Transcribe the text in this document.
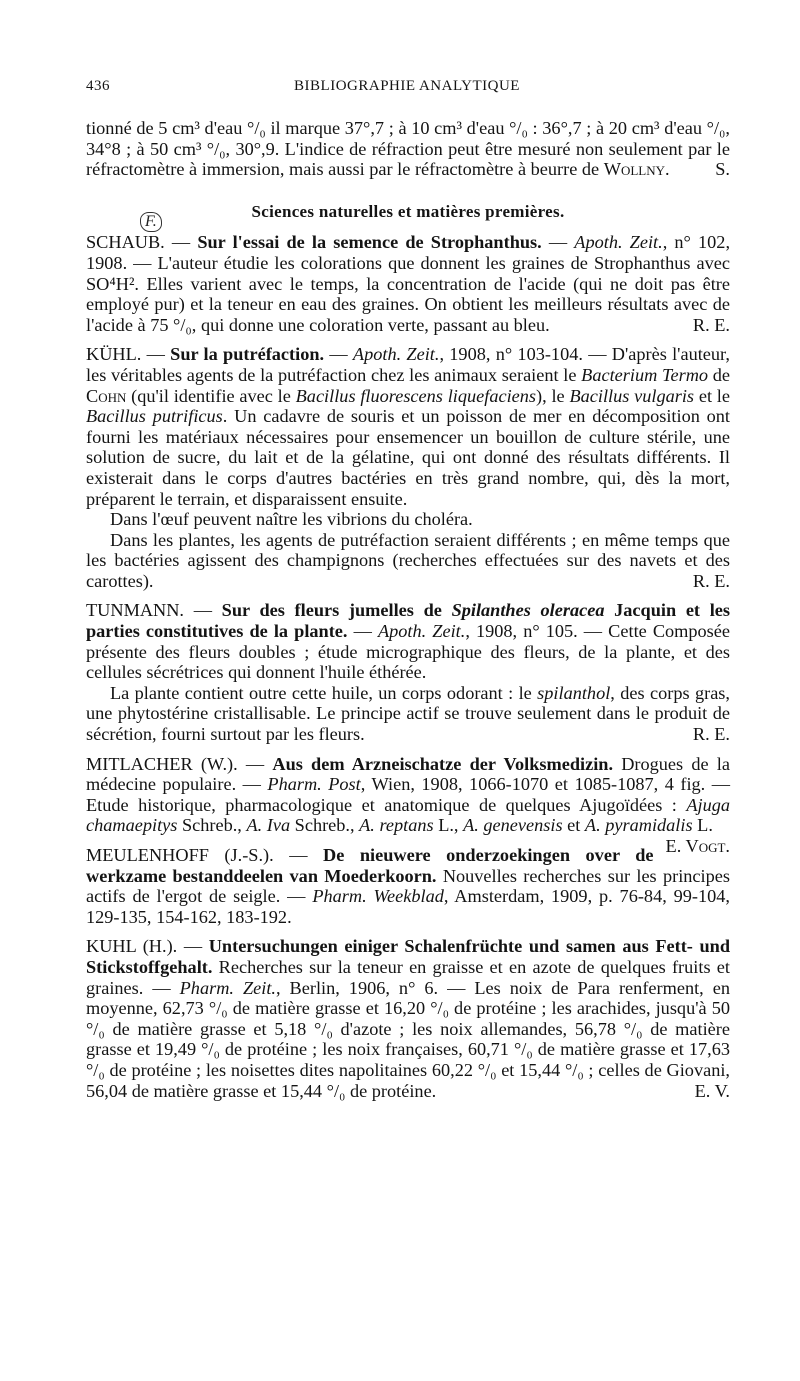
436	BIBLIOGRAPHIE ANALYTIQUE

tionné de 5 cm³ d'eau °/₀ il marque 37°,7 ; à 10 cm³ d'eau °/₀ : 36°,7 ; à 20 cm³ d'eau °/₀, 34°8 ; à 50 cm³ °/₀, 30°,9. L'indice de réfraction peut être mesuré non seulement par le réfractomètre à immersion, mais aussi par le réfractomètre à beurre de Wollny. S.

Sciences naturelles et matières premières.

F.
SCHAUB. — Sur l'essai de la semence de Strophanthus. — Apoth. Zeit., n° 102, 1908. — L'auteur étudie les colorations que donnent les graines de Strophanthus avec SO⁴H². Elles varient avec le temps, la concentration de l'acide (qui ne doit pas être employé pur) et la teneur en eau des graines. On obtient les meilleurs résultats avec de l'acide à 75 °/₀, qui donne une coloration verte, passant au bleu.	R. E.

KÜHL. — Sur la putréfaction. — Apoth. Zeit., 1908, n° 103-104. — D'après l'auteur, les véritables agents de la putréfaction chez les animaux seraient le Bacterium Termo de Cohn (qu'il identifie avec le Bacillus fluorescens liquefaciens), le Bacillus vulgaris et le Bacillus putrificus. Un cadavre de souris et un poisson de mer en décomposition ont fourni les matériaux nécessaires pour ensemencer un bouillon de culture stérile, une solution de sucre, du lait et de la gélatine, qui ont donné des résultats différents. Il existerait dans le corps d'autres bactéries en très grand nombre, qui, dès la mort, préparent le terrain, et disparaissent ensuite.

Dans l'œuf peuvent naître les vibrions du choléra.

Dans les plantes, les agents de putréfaction seraient différents ; en même temps que les bactéries agissent des champignons (recherches effectuées sur des navets et des carottes).	R. E.

TUNMANN. — Sur des fleurs jumelles de Spilanthes oleracea Jacquin et les parties constitutives de la plante. — Apoth. Zeit., 1908, n° 105. — Cette Composée présente des fleurs doubles ; étude micrographique des fleurs, de la plante, et des cellules sécrétrices qui donnent l'huile éthérée.

La plante contient outre cette huile, un corps odorant : le spilanthol, des corps gras, une phytostérine cristallisable. Le principe actif se trouve seulement dans le produit de sécrétion, fourni surtout par les fleurs.	R. E.

MITLACHER (W.). — Aus dem Arzneischatze der Volksmedizin. Drogues de la médecine populaire. — Pharm. Post, Wien, 1908, 1066-1070 et 1085-1087, 4 fig. — Etude historique, pharmacologique et anatomique de quelques Ajugoïdées : Ajuga chamaepitys Schreb., A. Iva Schreb., A. reptans L., A. genevensis et A. pyramidalis L.
E. Vogt.

MEULENHOFF (J.-S.). — De nieuwere onderzoekingen over de werkzame bestanddeelen van Moederkoorn. Nouvelles recherches sur les principes actifs de l'ergot de seigle. — Pharm. Weekblad, Amsterdam, 1909, p. 76-84, 99-104, 129-135, 154-162, 183-192.

KUHL (H.). — Untersuchungen einiger Schalenfrüchte und samen aus Fett- und Stickstoffgehalt. Recherches sur la teneur en graisse et en azote de quelques fruits et graines. — Pharm. Zeit., Berlin, 1906, n° 6. — Les noix de Para renferment, en moyenne, 62,73 °/₀ de matière grasse et 16,20 °/₀ de protéine ; les arachides, jusqu'à 50 °/₀ de matière grasse et 5,18 °/₀ d'azote ; les noix allemandes, 56,78 °/₀ de matière grasse et 19,49 °/₀ de protéine ; les noix françaises, 60,71 °/₀ de matière grasse et 17,63 °/₀ de protéine ; les noisettes dites napolitaines 60,22 °/₀ et 15,44 °/₀ ; celles de Giovani, 56,04 de matière grasse et 15,44 °/₀ de protéine.	E. V.
